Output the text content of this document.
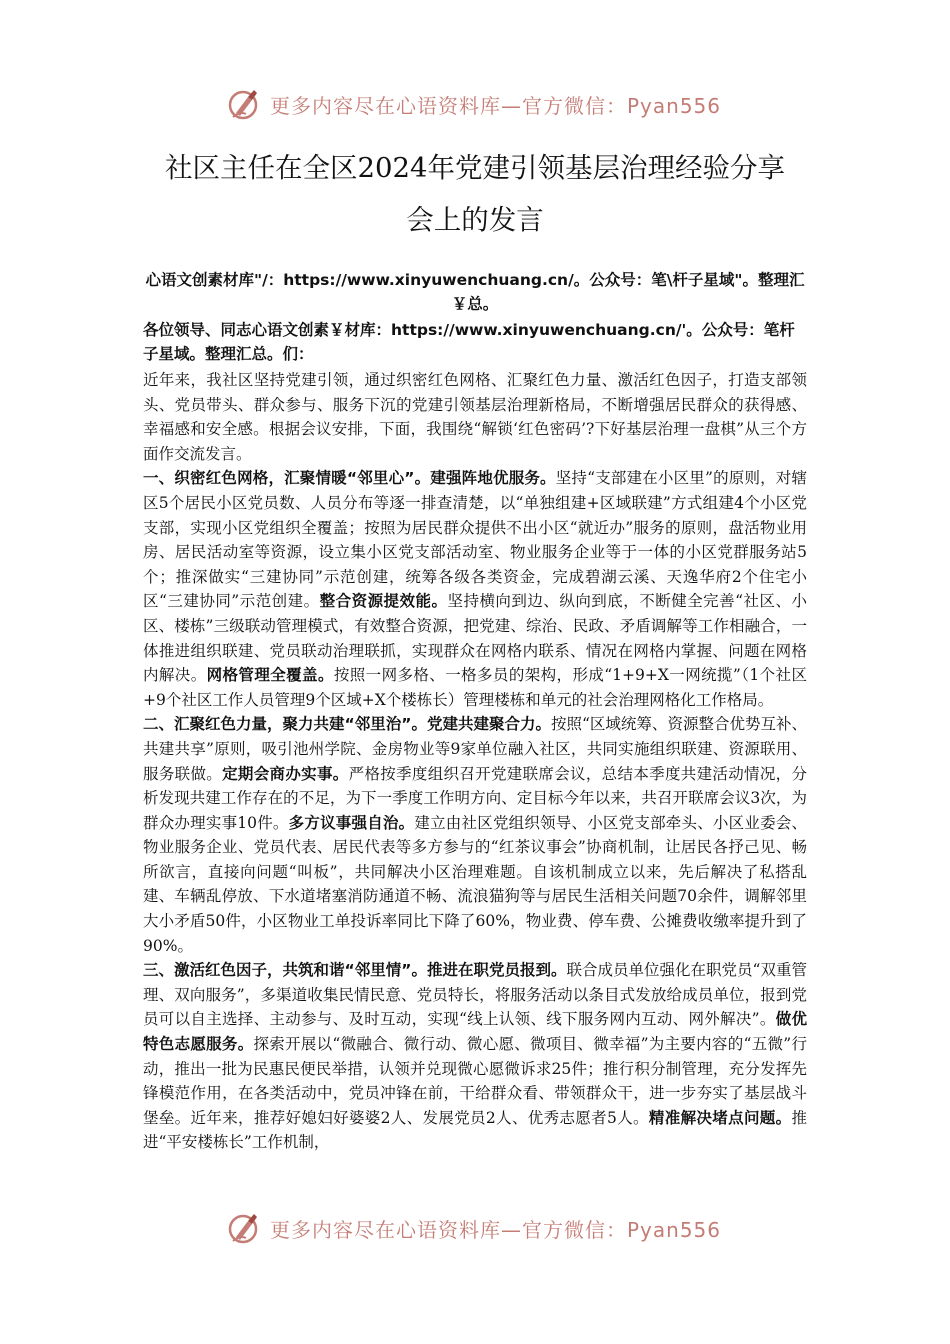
更多内容尽在心语资料库—官方微信：Pyan556
社区主任在全区2024年党建引领基层治理经验分享
会上的发言

心语文创素材库"/：https://www.xinyuwenchuang.cn/。公众号：笔\杆子星域"。整理汇￥总。

各位领导、同志心语文创素￥材库：https://www.xinyuwenchuang.cn/'。公众号：笔杆子星域。整理汇总。们：

近年来，我社区坚持党建引领，通过织密红色网格、汇聚红色力量、激活红色因子，打造支部领头、党员带头、群众参与、服务下沉的党建引领基层治理新格局，不断增强居民群众的获得感、幸福感和安全感。根据会议安排，下面，我围绕“解锁‘红色密码’?下好基层治理一盘棋”从三个方面作交流发言。

一、织密红色网格，汇聚情暖“邻里心”。建强阵地优服务。坚持“支部建在小区里”的原则，对辖区5个居民小区党员数、人员分布等逐一排查清楚，以“单独组建+区域联建”方式组建4个小区党支部，实现小区党组织全覆盖；按照为居民群众提供不出小区“就近办”服务的原则，盘活物业用房、居民活动室等资源，设立集小区党支部活动室、物业服务企业等于一体的小区党群服务站5个；推深做实“三建协同”示范创建，统筹各级各类资金，完成碧湖云溪、天逸华府2个住宅小区“三建协同”示范创建。整合资源提效能。坚持横向到边、纵向到底，不断健全完善“社区、小区、楼栋”三级联动管理模式，有效整合资源，把党建、综治、民政、矛盾调解等工作相融合，一体推进组织联建、党员联动治理联抓，实现群众在网格内联系、情况在网格内掌握、问题在网格内解决。网格管理全覆盖。按照一网多格、一格多员的架构，形成“1+9+X一网统揽”（1个社区+9个社区工作人员管理9个区域+X个楼栋长）管理楼栋和单元的社会治理网格化工作格局。

二、汇聚红色力量，聚力共建“邻里治”。党建共建聚合力。按照“区域统筹、资源整合优势互补、共建共享”原则，吸引池州学院、金房物业等9家单位融入社区，共同实施组织联建、资源联用、服务联做。定期会商办实事。严格按季度组织召开党建联席会议，总结本季度共建活动情况，分析发现共建工作存在的不足，为下一季度工作明方向、定目标今年以来，共召开联席会议3次，为群众办理实事10件。多方议事强自治。建立由社区党组织领导、小区党支部牵头、小区业委会、物业服务企业、党员代表、居民代表等多方参与的“红茶议事会”协商机制，让居民各抒己见、畅所欲言，直接向问题“叫板”，共同解决小区治理难题。自该机制成立以来，先后解决了私搭乱建、车辆乱停放、下水道堵塞消防通道不畅、流浪猫狗等与居民生活相关问题70余件，调解邻里大小矛盾50件，小区物业工单投诉率同比下降了60%，物业费、停车费、公摊费收缴率提升到了90%。

三、激活红色因子，共筑和谐“邻里情”。推进在职党员报到。联合成员单位强化在职党员“双重管理、双向服务”，多渠道收集民情民意、党员特长，将服务活动以条目式发放给成员单位，报到党员可以自主选择、主动参与、及时互动，实现“线上认领、线下服务网内互动、网外解决”。做优特色志愿服务。探索开展以“微融合、微行动、微心愿、微项目、微幸福”为主要内容的“五微”行动，推出一批为民惠民便民举措，认领并兑现微心愿微诉求25件；推行积分制管理，充分发挥先锋模范作用，在各类活动中，党员冲锋在前，干给群众看、带领群众干，进一步夯实了基层战斗堡垒。近年来，推荐好媳妇好婆婆2人、发展党员2人、优秀志愿者5人。精准解决堵点问题。推进“平安楼栋长”工作机制，

更多内容尽在心语资料库—官方微信：Pyan556
